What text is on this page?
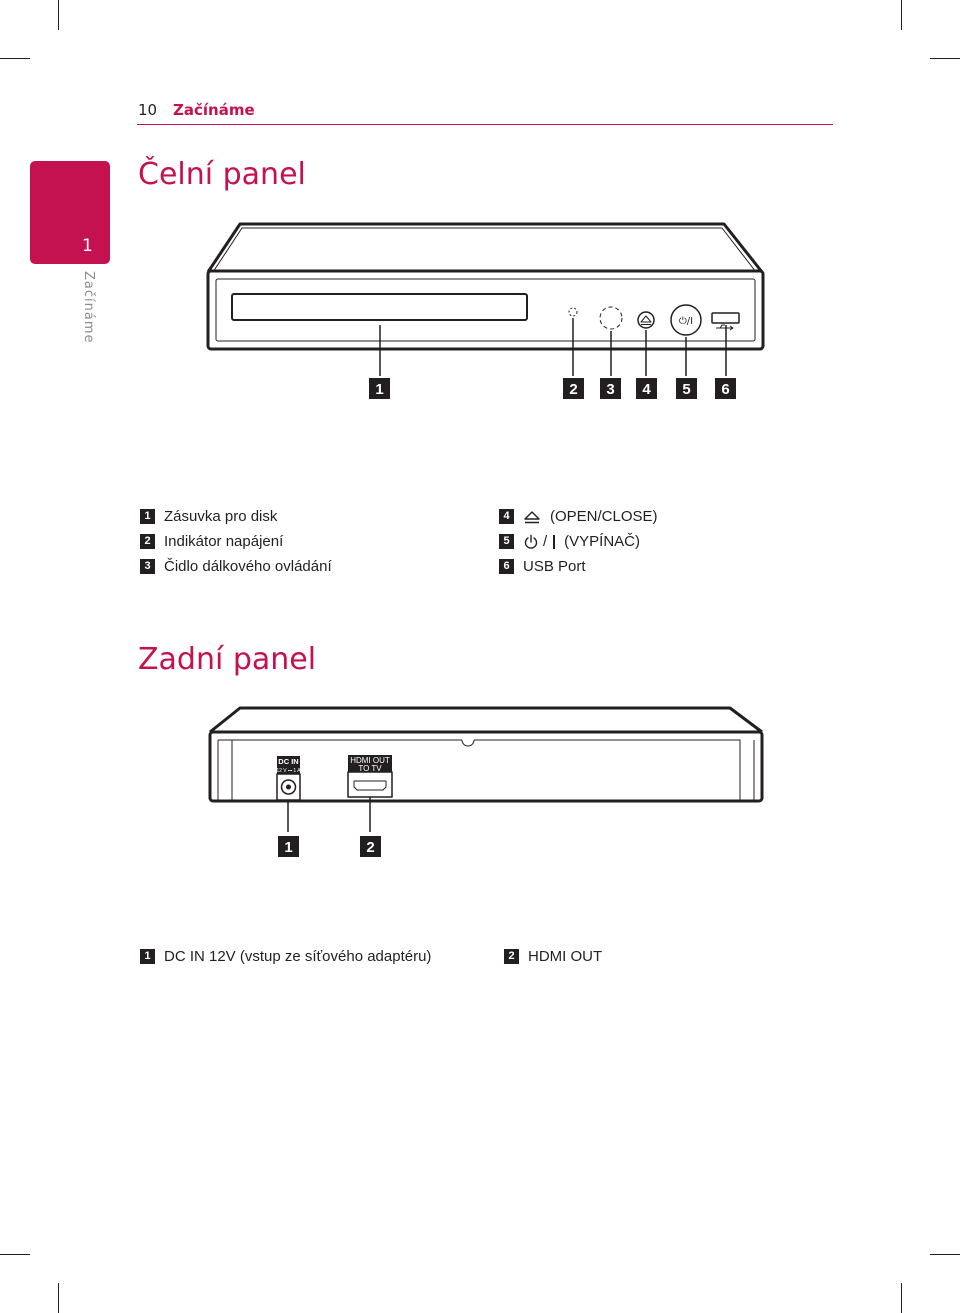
10 Začínáme
1
Začínáme
Čelní panel
Zadní panel
⏻/I
DC IN
12 V ⎓ 1 A
HDMI OUT
TO TV
1	2 3 4 5 6
1	2
1 Zásuvka pro disk
2 Indikátor napájení
3 Čidlo dálkového ovládání
4	(OPEN/CLOSE)
5 / (VYPÍNAČ)
6 USB Port
1 DC IN 12V (vstup ze síťového adaptéru)	2 HDMI OUT
